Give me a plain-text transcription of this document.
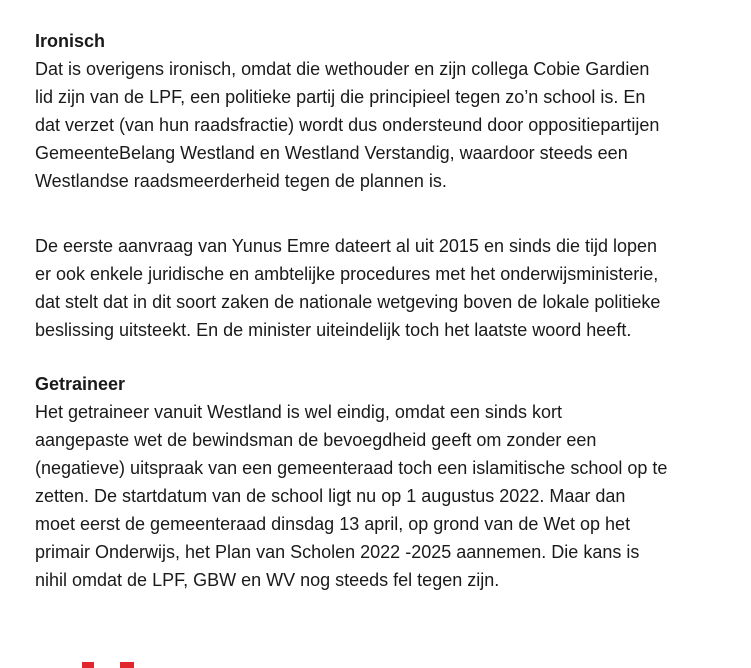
Ironisch

Dat is overigens ironisch, omdat die wethouder en zijn collega Cobie Gardien
lid zijn van de LPF, een politieke partij die principieel tegen zo’n school is. En
dat verzet (van hun raadsfractie) wordt dus ondersteund door oppositiepartijen
GemeenteBelang Westland en Westland Verstandig, waardoor steeds een
Westlandse raadsmeerderheid tegen de plannen is.

De eerste aanvraag van Yunus Emre dateert al uit 2015 en sinds die tijd lopen
er ook enkele juridische en ambtelijke procedures met het onderwijsministerie,
dat stelt dat in dit soort zaken de nationale wetgeving boven de lokale politieke
beslissing uitsteekt. En de minister uiteindelijk toch het laatste woord heeft.

Getraineer

Het getraineer vanuit Westland is wel eindig, omdat een sinds kort
aangepaste wet de bewindsman de bevoegdheid geeft om zonder een
(negatieve) uitspraak van een gemeenteraad toch een islamitische school op te
zetten. De startdatum van de school ligt nu op 1 augustus 2022. Maar dan
moet eerst de gemeenteraad dinsdag 13 april, op grond van de Wet op het
primair Onderwijs, het Plan van Scholen 2022 -2025 aannemen. Die kans is
nihil omdat de LPF, GBW en WV nog steeds fel tegen zijn.
